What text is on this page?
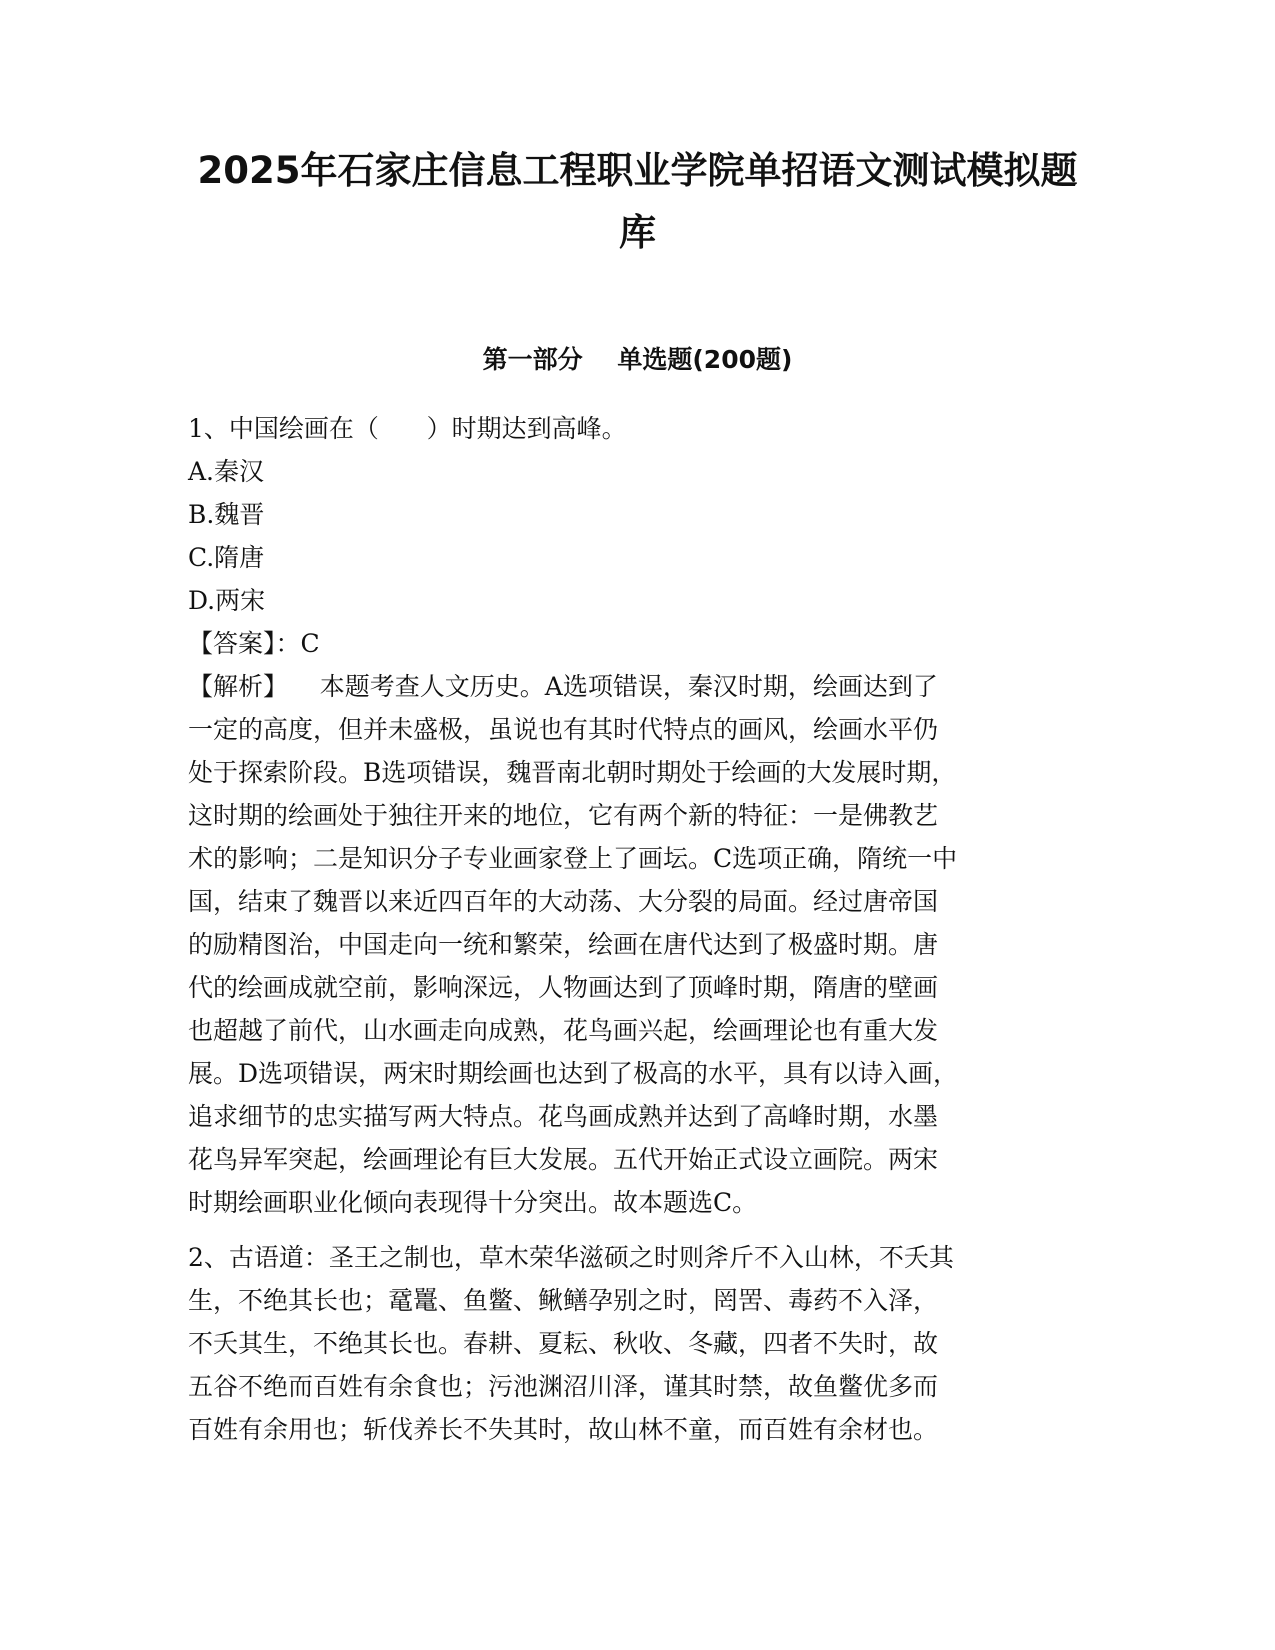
2025年石家庄信息工程职业学院单招语文测试模拟题
库
第一部分    单选题(200题)
1、中国绘画在（      ）时期达到高峰。
A.秦汉
B.魏晋
C.隋唐
D.两宋
【答案】：C
【解析】    本题考查人文历史。A选项错误，秦汉时期，绘画达到了
一定的高度，但并未盛极，虽说也有其时代特点的画风，绘画水平仍
处于探索阶段。B选项错误，魏晋南北朝时期处于绘画的大发展时期，
这时期的绘画处于独往开来的地位，它有两个新的特征：一是佛教艺
术的影响；二是知识分子专业画家登上了画坛。C选项正确，隋统一中
国，结束了魏晋以来近四百年的大动荡、大分裂的局面。经过唐帝国
的励精图治，中国走向一统和繁荣，绘画在唐代达到了极盛时期。唐
代的绘画成就空前，影响深远，人物画达到了顶峰时期，隋唐的壁画
也超越了前代，山水画走向成熟，花鸟画兴起，绘画理论也有重大发
展。D选项错误，两宋时期绘画也达到了极高的水平，具有以诗入画，
追求细节的忠实描写两大特点。花鸟画成熟并达到了高峰时期，水墨
花鸟异军突起，绘画理论有巨大发展。五代开始正式设立画院。两宋
时期绘画职业化倾向表现得十分突出。故本题选C。
2、古语道：圣王之制也，草木荣华滋硕之时则斧斤不入山林，不夭其
生，不绝其长也；鼋鼍、鱼鳖、鳅鳝孕别之时，罔罟、毒药不入泽，
不夭其生，不绝其长也。春耕、夏耘、秋收、冬藏，四者不失时，故
五谷不绝而百姓有余食也；污池渊沼川泽，谨其时禁，故鱼鳖优多而
百姓有余用也；斩伐养长不失其时，故山林不童，而百姓有余材也。
